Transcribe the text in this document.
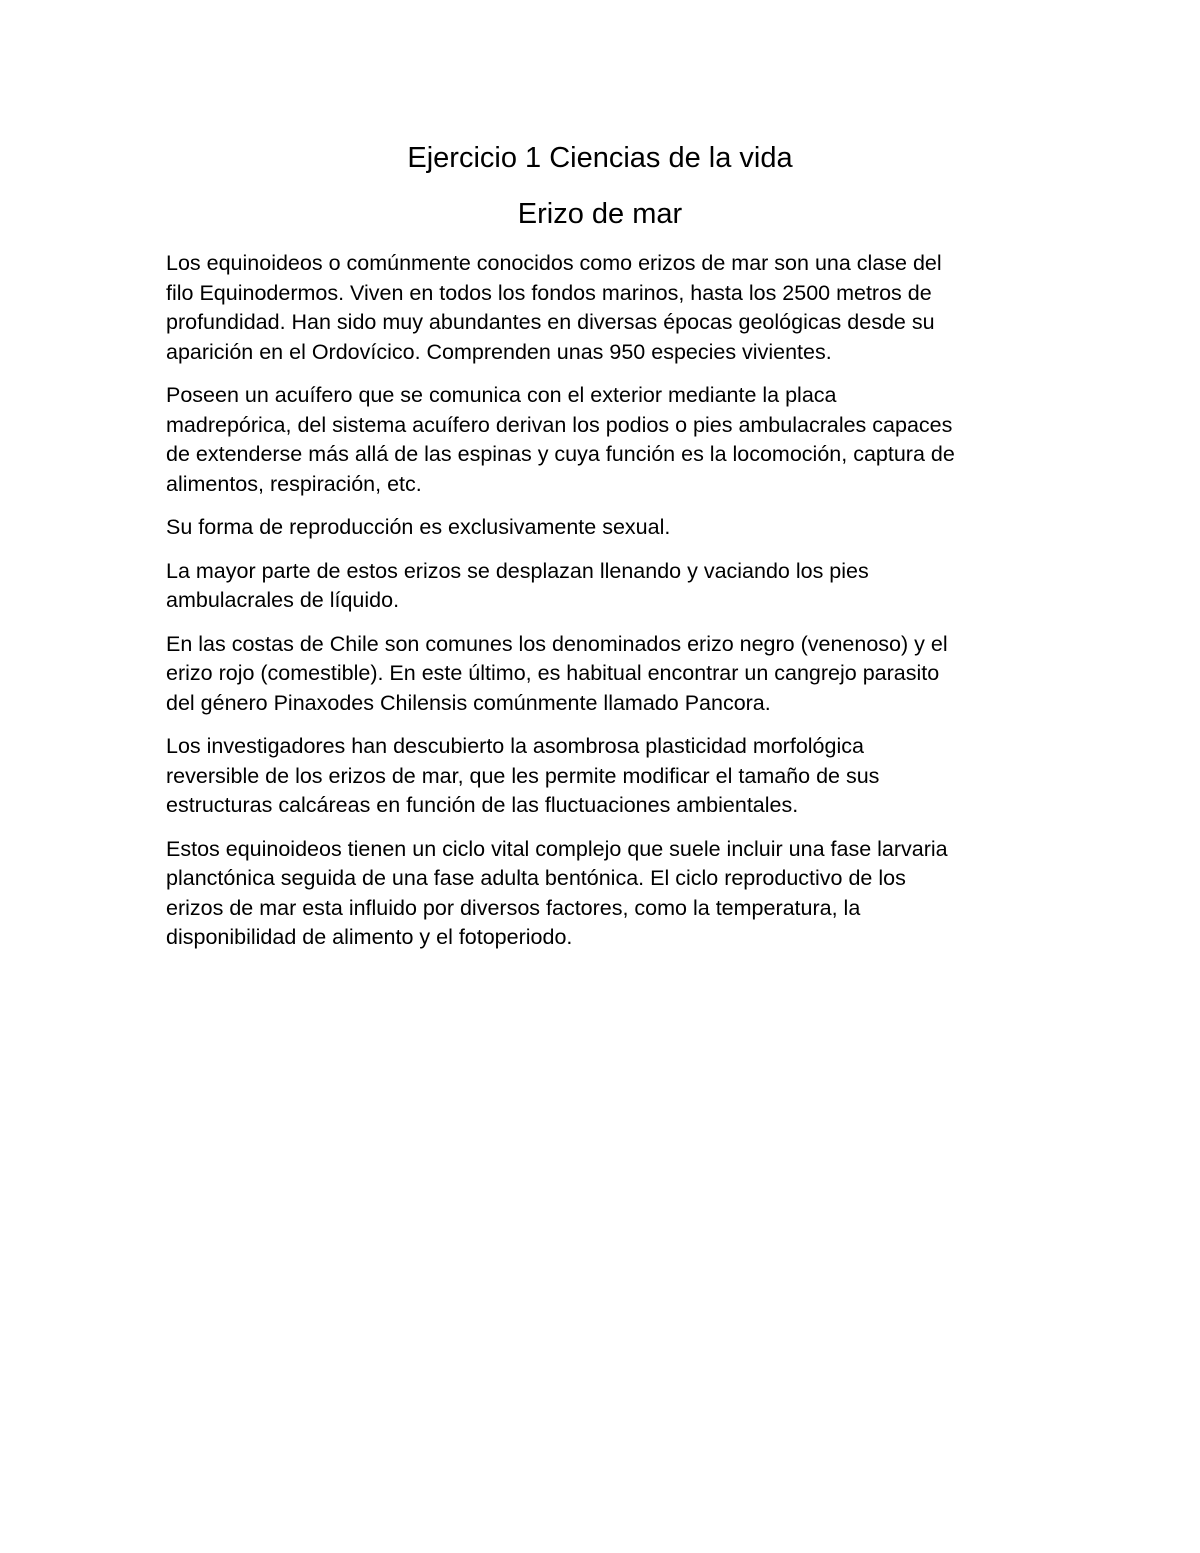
Ejercicio 1 Ciencias de la vida
Erizo de mar

Los equinoideos o comúnmente conocidos como erizos de mar son una clase del
filo Equinodermos. Viven en todos los fondos marinos, hasta los 2500 metros de
profundidad. Han sido muy abundantes en diversas épocas geológicas desde su
aparición en el Ordovícico. Comprenden unas 950 especies vivientes.

Poseen un acuífero que se comunica con el exterior mediante la placa
madrepórica, del sistema acuífero derivan los podios o pies ambulacrales capaces
de extenderse más allá de las espinas y cuya función es la locomoción, captura de
alimentos, respiración, etc.

Su forma de reproducción es exclusivamente sexual.

La mayor parte de estos erizos se desplazan llenando y vaciando los pies
ambulacrales de líquido.

En las costas de Chile son comunes los denominados erizo negro (venenoso) y el
erizo rojo (comestible). En este último, es habitual encontrar un cangrejo parasito
del género Pinaxodes Chilensis comúnmente llamado Pancora.

Los investigadores han descubierto la asombrosa plasticidad morfológica
reversible de los erizos de mar, que les permite modificar el tamaño de sus
estructuras calcáreas en función de las fluctuaciones ambientales.

Estos equinoideos tienen un ciclo vital complejo que suele incluir una fase larvaria
planctónica seguida de una fase adulta bentónica. El ciclo reproductivo de los
erizos de mar esta influido por diversos factores, como la temperatura, la
disponibilidad de alimento y el fotoperiodo.
